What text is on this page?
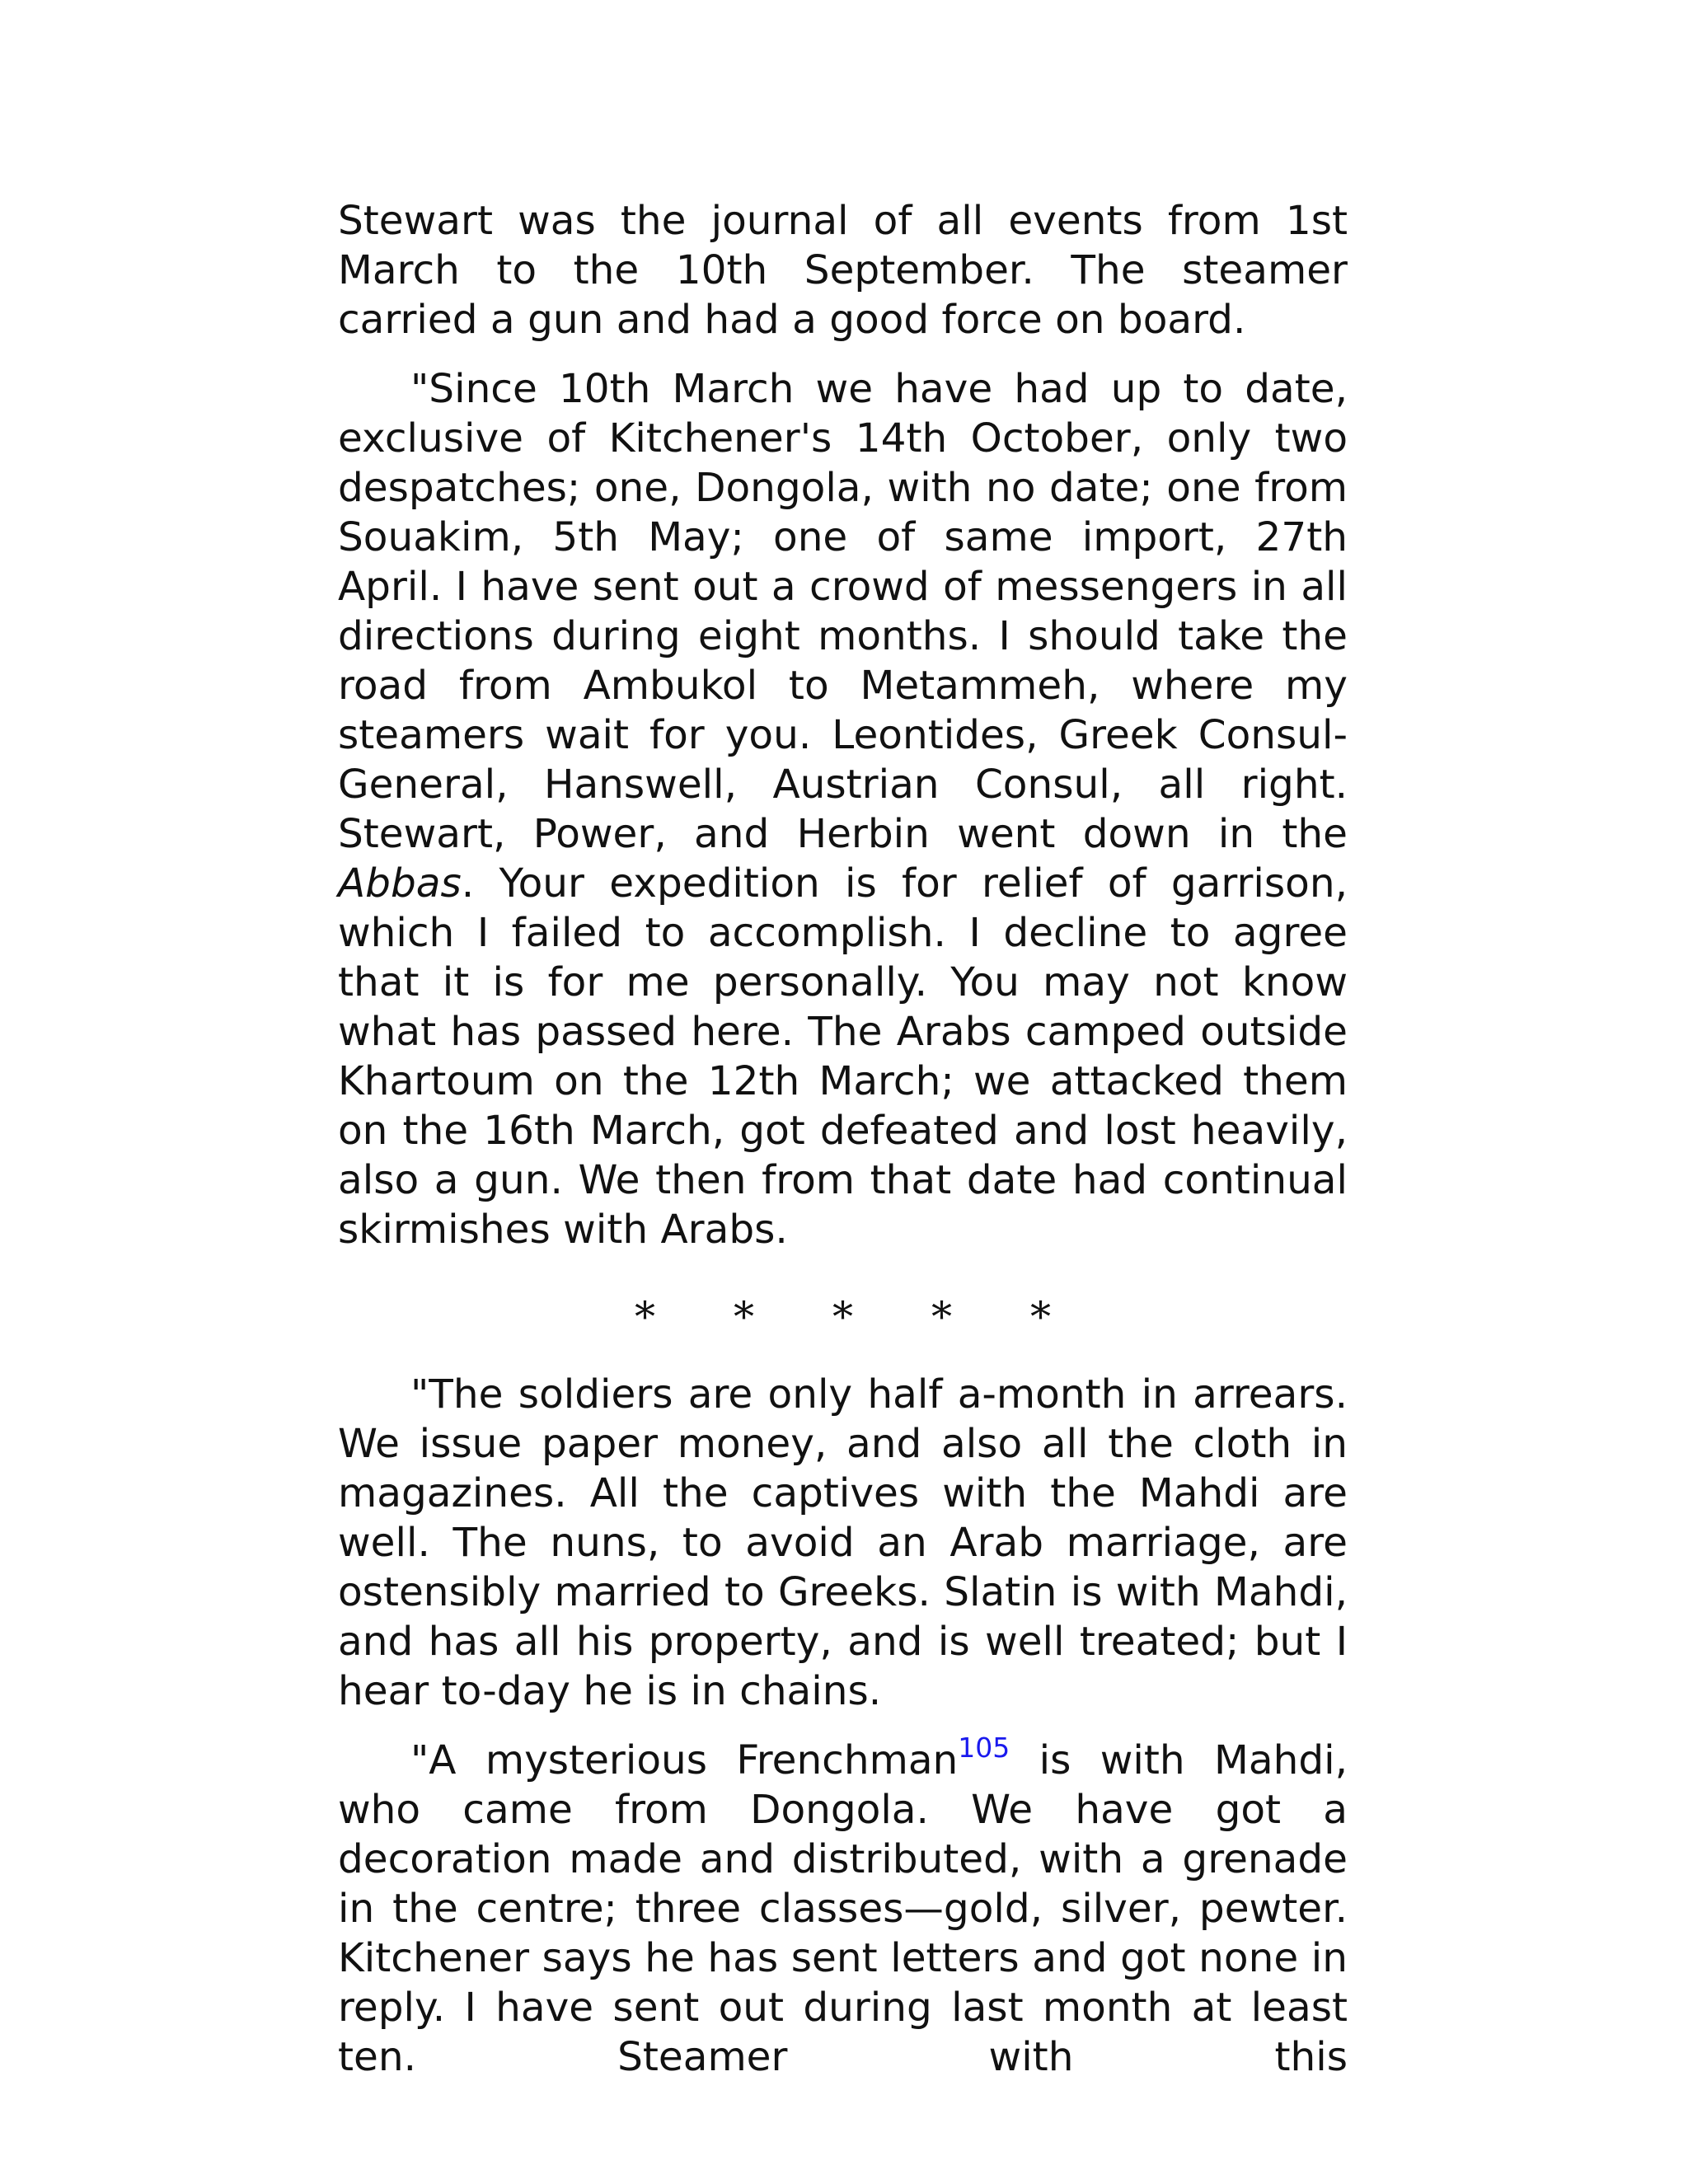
Stewart was the journal of all events from 1st March to the 10th September. The steamer carried a gun and had a good force on board.

"Since 10th March we have had up to date, exclusive of Kitchener's 14th October, only two despatches; one, Dongola, with no date; one from Souakim, 5th May; one of same import, 27th April. I have sent out a crowd of messengers in all directions during eight months. I should take the road from Ambukol to Metammeh, where my steamers wait for you. Leontides, Greek Consul-General, Hanswell, Austrian Consul, all right. Stewart, Power, and Herbin went down in the Abbas. Your expedition is for relief of garrison, which I failed to accomplish. I decline to agree that it is for me personally. You may not know what has passed here. The Arabs camped outside Khartoum on the 12th March; we attacked them on the 16th March, got defeated and lost heavily, also a gun. We then from that date had continual skirmishes with Arabs.

* * * * *

"The soldiers are only half a-month in arrears. We issue paper money, and also all the cloth in magazines. All the captives with the Mahdi are well. The nuns, to avoid an Arab marriage, are ostensibly married to Greeks. Slatin is with Mahdi, and has all his property, and is well treated; but I hear to-day he is in chains.

"A mysterious Frenchman$^{105}$ is with Mahdi, who came from Dongola. We have got a decoration made and distributed, with a grenade in the centre; three classes—gold, silver, pewter. Kitchener says he has sent letters and got none in reply. I have sent out during last month at least ten. Steamer with this
